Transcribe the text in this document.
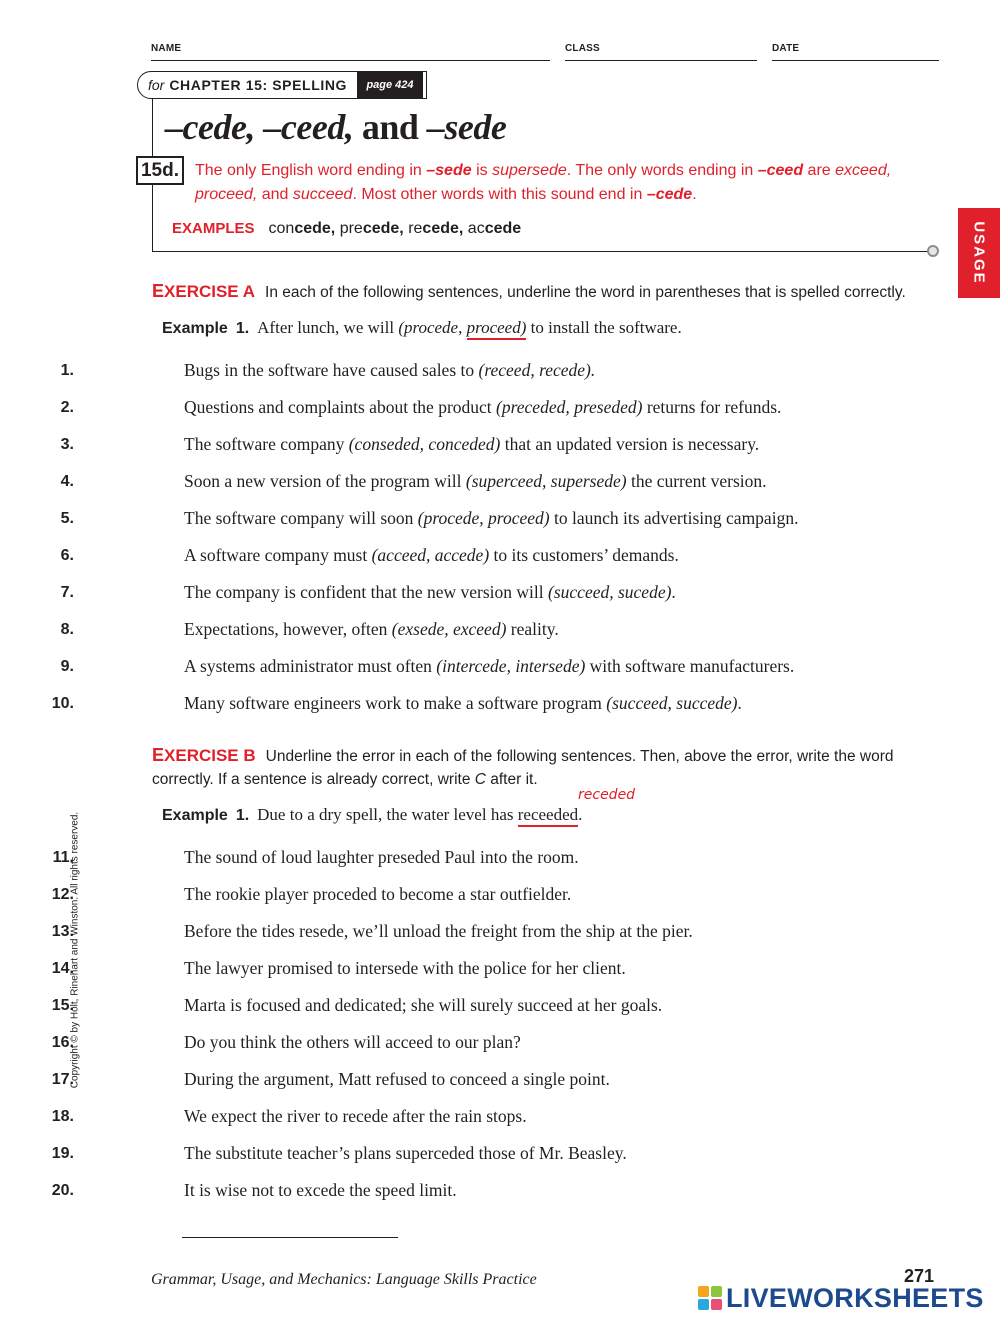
NAME	CLASS	DATE
for CHAPTER 15: SPELLING	page 424
–cede, –ceed, and –sede
15d. The only English word ending in –sede is supersede. The only words ending in –ceed are exceed, proceed, and succeed. Most other words with this sound end in –cede.
EXAMPLES concede, precede, recede, accede	USAGE
EXERCISE A In each of the following sentences, underline the word in parentheses that is spelled correctly.
Example 1. After lunch, we will (procede, proceed) to install the software.
1.	Bugs in the software have caused sales to (receed, recede).
2.	Questions and complaints about the product (preceded, preseded) returns for refunds.
3.	The software company (conseded, conceded) that an updated version is necessary.
4.	Soon a new version of the program will (superceed, supersede) the current version.
5.	The software company will soon (procede, proceed) to launch its advertising campaign.
6.	A software company must (acceed, accede) to its customers’ demands.
7.	The company is confident that the new version will (succeed, sucede).
8.	Expectations, however, often (exsede, exceed) reality.
9.	A systems administrator must often (intercede, intersede) with software manufacturers.
10.	Many software engineers work to make a software program (succeed, succede).
EXERCISE B Underline the error in each of the following sentences. Then, above the error, write the word correctly. If a sentence is already correct, write C after it.
receded
Example 1. Due to a dry spell, the water level has receeded.
11.	The sound of loud laughter preseded Paul into the room.
12.	The rookie player proceded to become a star outfielder.
13.	Before the tides resede, we’ll unload the freight from the ship at the pier.
14.	The lawyer promised to intersede with the police for her client.
15.	Marta is focused and dedicated; she will surely succeed at her goals.
16.	Do you think the others will acceed to our plan?
17.	During the argument, Matt refused to conceed a single point.
18.	We expect the river to recede after the rain stops.
19.	The substitute teacher’s plans superceded those of Mr. Beasley.
20.	It is wise not to excede the speed limit.
Grammar, Usage, and Mechanics: Language Skills Practice	271
Copyright © by Holt, Rinehart and Winston. All rights reserved.
LIVEWORKSHEETS
